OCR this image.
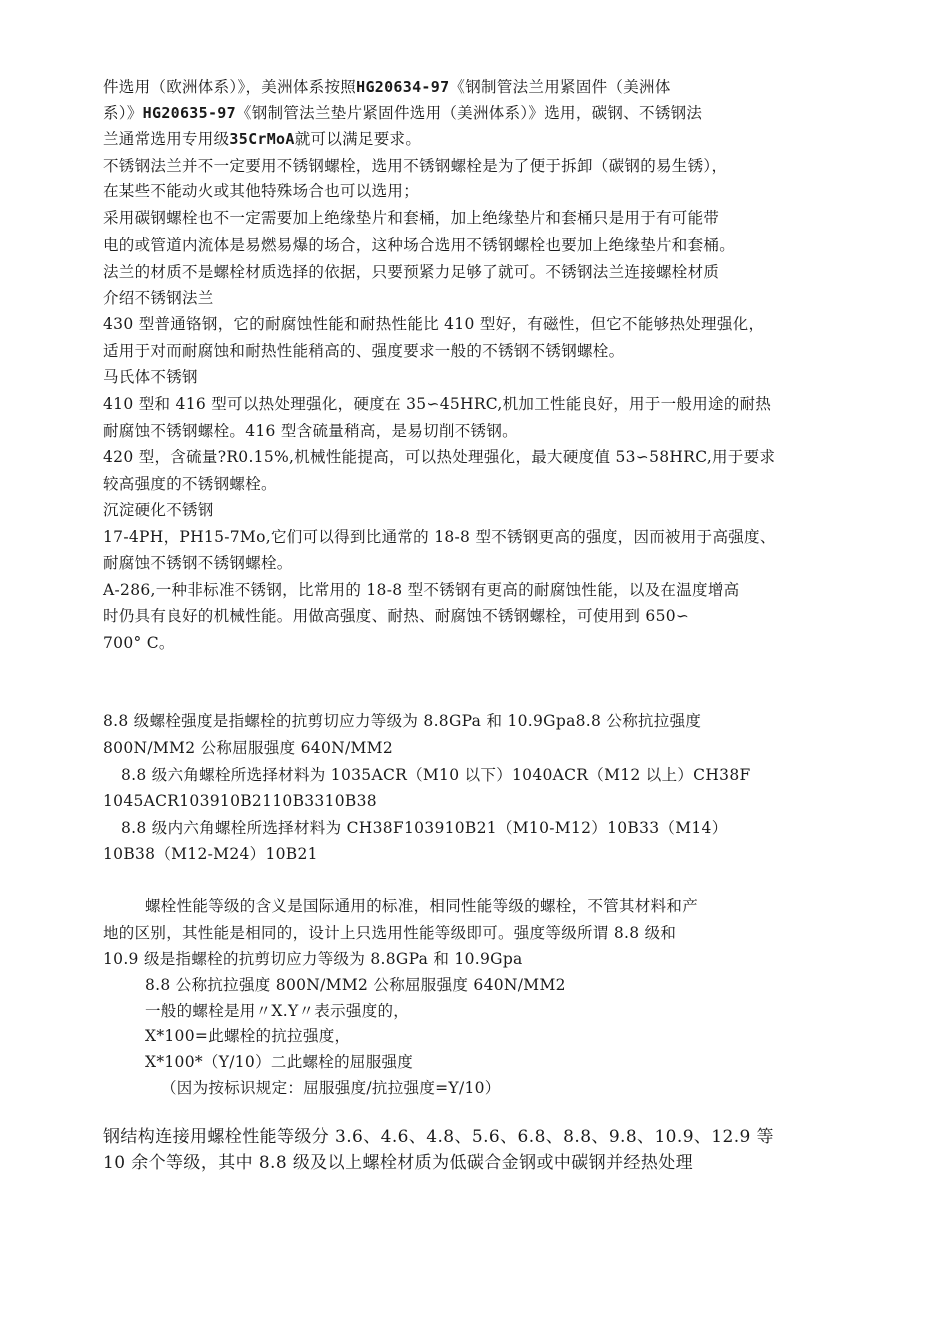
件选用（欧洲体系）》，美洲体系按照HG20634-97《钢制管法兰用紧固件（美洲体
系）》HG20635-97《钢制管法兰垫片紧固件选用（美洲体系）》选用，碳钢、不锈钢法
兰通常选用专用级35CrMoA就可以满足要求。
不锈钢法兰并不一定要用不锈钢螺栓，选用不锈钢螺栓是为了便于拆卸（碳钢的易生锈），
在某些不能动火或其他特殊场合也可以选用；
采用碳钢螺栓也不一定需要加上绝缘垫片和套桶，加上绝缘垫片和套桶只是用于有可能带
电的或管道内流体是易燃易爆的场合，这种场合选用不锈钢螺栓也要加上绝缘垫片和套桶。
法兰的材质不是螺栓材质选择的依据，只要预紧力足够了就可。不锈钢法兰连接螺栓材质
介绍不锈钢法兰
430 型普通铬钢，它的耐腐蚀性能和耐热性能比 410 型好，有磁性，但它不能够热处理强化，
适用于对而耐腐蚀和耐热性能稍高的、强度要求一般的不锈钢不锈钢螺栓。
马氏体不锈钢
410 型和 416 型可以热处理强化，硬度在 35∽45HRC,机加工性能良好，用于一般用途的耐热
耐腐蚀不锈钢螺栓。416 型含硫量稍高，是易切削不锈钢。
420 型，含硫量?R0.15%,机械性能提高，可以热处理强化，最大硬度值 53∽58HRC,用于要求
较高强度的不锈钢螺栓。
沉淀硬化不锈钢
17-4PH，PH15-7Mo,它们可以得到比通常的 18-8 型不锈钢更高的强度，因而被用于高强度、
耐腐蚀不锈钢不锈钢螺栓。
A-286,一种非标准不锈钢，比常用的 18-8 型不锈钢有更高的耐腐蚀性能，以及在温度增高
时仍具有良好的机械性能。用做高强度、耐热、耐腐蚀不锈钢螺栓，可使用到 650∽
700° C。
8.8 级螺栓强度是指螺栓的抗剪切应力等级为 8.8GPa 和 10.9Gpa8.8 公称抗拉强度
800N/MM2 公称屈服强度 640N/MM2
8.8 级六角螺栓所选择材料为 1035ACR（M10 以下）1040ACR（M12 以上）CH38F
1045ACR103910B2110B3310B38
8.8 级内六角螺栓所选择材料为 CH38F103910B21（M10-M12）10B33（M14）
10B38（M12-M24）10B21
螺栓性能等级的含义是国际通用的标准，相同性能等级的螺栓，不管其材料和产
地的区别，其性能是相同的，设计上只选用性能等级即可。强度等级所谓 8.8 级和
10.9 级是指螺栓的抗剪切应力等级为 8.8GPa 和 10.9Gpa
8.8 公称抗拉强度 800N/MM2 公称屈服强度 640N/MM2
一般的螺栓是用〃X.Y〃表示强度的，
X*100=此螺栓的抗拉强度，
X*100*（Y/10）二此螺栓的屈服强度
（因为按标识规定：屈服强度/抗拉强度=Y/10）
钢结构连接用螺栓性能等级分 3.6、4.6、4.8、5.6、6.8、8.8、9.8、10.9、12.9 等
10 余个等级，其中 8.8 级及以上螺栓材质为低碳合金钢或中碳钢并经热处理
